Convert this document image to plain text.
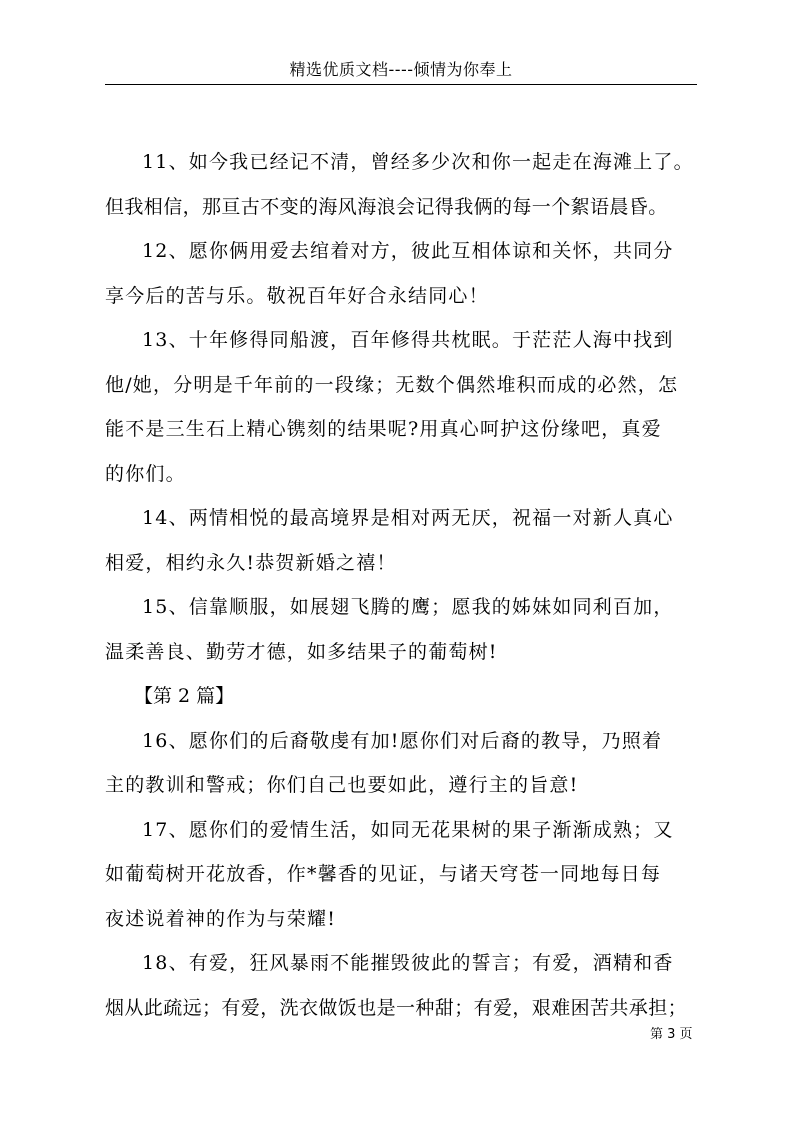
精选优质文档----倾情为你奉上
11、如今我已经记不清，曾经多少次和你一起走在海滩上了。
但我相信，那亘古不变的海风海浪会记得我俩的每一个絮语晨昏。
12、愿你俩用爱去绾着对方，彼此互相体谅和关怀，共同分
享今后的苦与乐。敬祝百年好合永结同心！
13、十年修得同船渡，百年修得共枕眠。于茫茫人海中找到
他/她，分明是千年前的一段缘；无数个偶然堆积而成的必然，怎
能不是三生石上精心镌刻的结果呢?用真心呵护这份缘吧，真爱
的你们。
14、两情相悦的最高境界是相对两无厌，祝福一对新人真心
相爱，相约永久!恭贺新婚之禧！
15、信靠顺服，如展翅飞腾的鹰；愿我的姊妹如同利百加，
温柔善良、勤劳才德，如多结果子的葡萄树!
【第 2 篇】
16、愿你们的后裔敬虔有加!愿你们对后裔的教导，乃照着
主的教训和警戒；你们自己也要如此，遵行主的旨意!
17、愿你们的爱情生活，如同无花果树的果子渐渐成熟；又
如葡萄树开花放香，作*馨香的见证，与诸天穹苍一同地每日每
夜述说着神的作为与荣耀!
18、有爱，狂风暴雨不能摧毁彼此的誓言；有爱，酒精和香
烟从此疏远；有爱，洗衣做饭也是一种甜；有爱，艰难困苦共承担；
第 3 页
